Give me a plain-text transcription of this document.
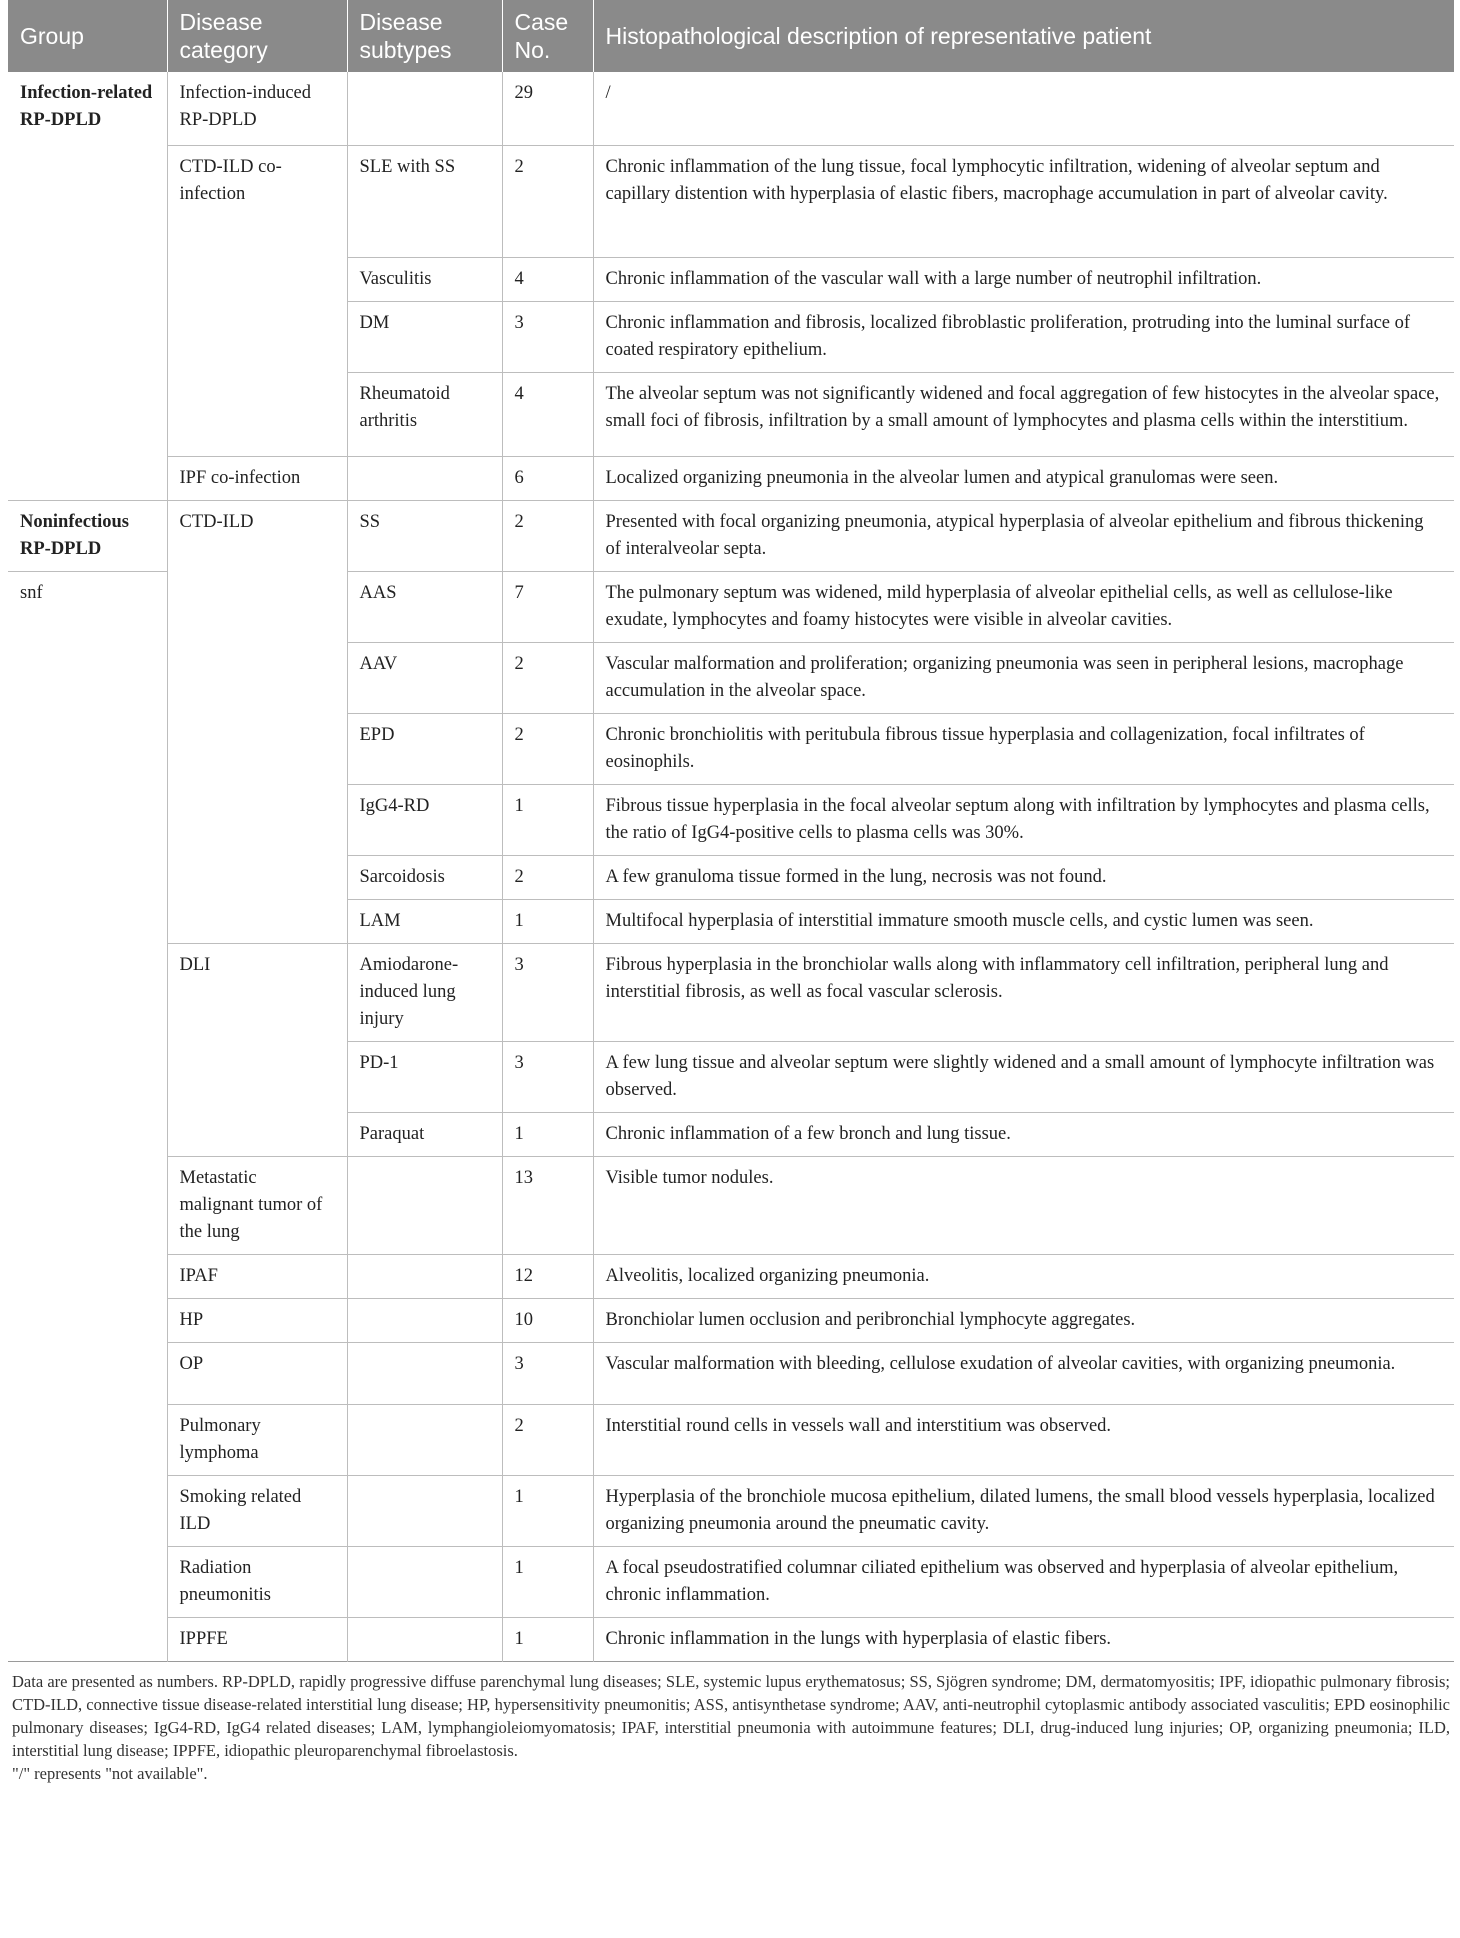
Group	Disease category	Disease subtypes	Case No.	Histopathological description of representative patient
Infection-related RP-DPLD	Infection-induced RP-DPLD		29	/
	CTD-ILD co-infection	SLE with SS	2	Chronic inflammation of the lung tissue, focal lymphocytic infiltration, widening of alveolar septum and capillary distention with hyperplasia of elastic fibers, macrophage accumulation in part of alveolar cavity.
		Vasculitis	4	Chronic inflammation of the vascular wall with a large number of neutrophil infiltration.
		DM	3	Chronic inflammation and fibrosis, localized fibroblastic proliferation, protruding into the luminal surface of coated respiratory epithelium.
		Rheumatoid arthritis	4	The alveolar septum was not significantly widened and focal aggregation of few histocytes in the alveolar space, small foci of fibrosis, infiltration by a small amount of lymphocytes and plasma cells within the interstitium.
	IPF co-infection		6	Localized organizing pneumonia in the alveolar lumen and atypical granulomas were seen.
Noninfectious RP-DPLD	CTD-ILD	SS	2	Presented with focal organizing pneumonia, atypical hyperplasia of alveolar epithelium and fibrous thickening of interalveolar septa.
snf		AAS	7	The pulmonary septum was widened, mild hyperplasia of alveolar epithelial cells, as well as cellulose-like exudate, lymphocytes and foamy histocytes were visible in alveolar cavities.
		AAV	2	Vascular malformation and proliferation; organizing pneumonia was seen in peripheral lesions, macrophage accumulation in the alveolar space.
		EPD	2	Chronic bronchiolitis with peritubula fibrous tissue hyperplasia and collagenization, focal infiltrates of eosinophils.
		IgG4-RD	1	Fibrous tissue hyperplasia in the focal alveolar septum along with infiltration by lymphocytes and plasma cells, the ratio of IgG4-positive cells to plasma cells was 30%.
		Sarcoidosis	2	A few granuloma tissue formed in the lung, necrosis was not found.
		LAM	1	Multifocal hyperplasia of interstitial immature smooth muscle cells, and cystic lumen was seen.
	DLI	Amiodarone-induced lung injury	3	Fibrous hyperplasia in the bronchiolar walls along with inflammatory cell infiltration, peripheral lung and interstitial fibrosis, as well as focal vascular sclerosis.
		PD-1	3	A few lung tissue and alveolar septum were slightly widened and a small amount of lymphocyte infiltration was observed.
		Paraquat	1	Chronic inflammation of a few bronch and lung tissue.
	Metastatic malignant tumor of the lung		13	Visible tumor nodules.
	IPAF		12	Alveolitis, localized organizing pneumonia.
	HP		10	Bronchiolar lumen occlusion and peribronchial lymphocyte aggregates.
	OP		3	Vascular malformation with bleeding, cellulose exudation of alveolar cavities, with organizing pneumonia.
	Pulmonary lymphoma		2	Interstitial round cells in vessels wall and interstitium was observed.
	Smoking related ILD		1	Hyperplasia of the bronchiole mucosa epithelium, dilated lumens, the small blood vessels hyperplasia, localized organizing pneumonia around the pneumatic cavity.
	Radiation pneumonitis		1	A focal pseudostratified columnar ciliated epithelium was observed and hyperplasia of alveolar epithelium, chronic inflammation.
	IPPFE		1	Chronic inflammation in the lungs with hyperplasia of elastic fibers.
Data are presented as numbers. RP-DPLD, rapidly progressive diffuse parenchymal lung diseases; SLE, systemic lupus erythematosus; SS, Sjögren syndrome; DM, dermatomyositis; IPF, idiopathic pulmonary fibrosis; CTD-ILD, connective tissue disease-related interstitial lung disease; HP, hypersensitivity pneumonitis; ASS, antisynthetase syndrome; AAV, anti-neutrophil cytoplasmic antibody associated vasculitis; EPD eosinophilic pulmonary diseases; IgG4-RD, IgG4 related diseases; LAM, lymphangioleiomyomatosis; IPAF, interstitial pneumonia with autoimmune features; DLI, drug-induced lung injuries; OP, organizing pneumonia; ILD, interstitial lung disease; IPPFE, idiopathic pleuroparenchymal fibroelastosis.
"/" represents "not available".
